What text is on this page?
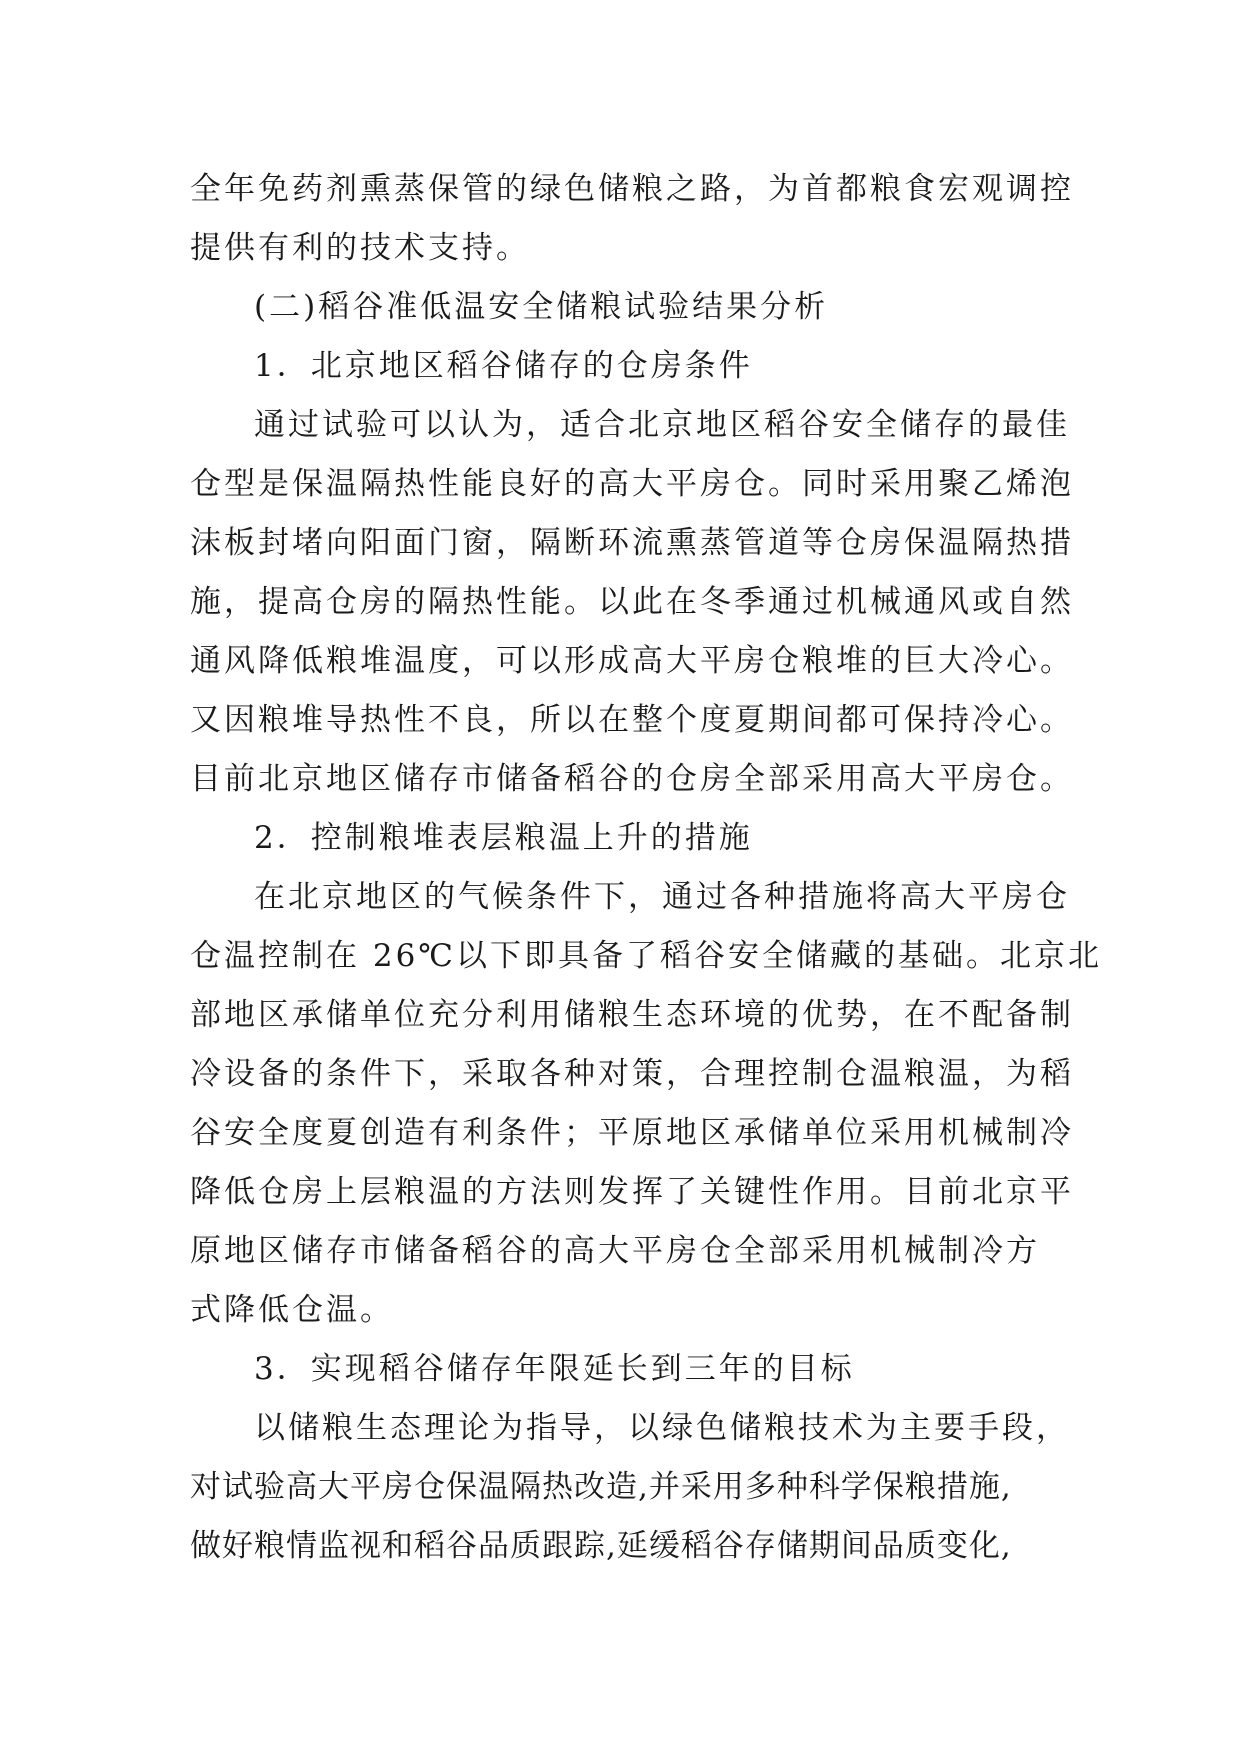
全年免药剂熏蒸保管的绿色储粮之路，为首都粮食宏观调控
提供有利的技术支持。
(二)稻谷准低温安全储粮试验结果分析
1．北京地区稻谷储存的仓房条件
通过试验可以认为，适合北京地区稻谷安全储存的最佳
仓型是保温隔热性能良好的高大平房仓。同时采用聚乙烯泡
沫板封堵向阳面门窗，隔断环流熏蒸管道等仓房保温隔热措
施，提高仓房的隔热性能。以此在冬季通过机械通风或自然
通风降低粮堆温度，可以形成高大平房仓粮堆的巨大冷心。
又因粮堆导热性不良，所以在整个度夏期间都可保持冷心。
目前北京地区储存市储备稻谷的仓房全部采用高大平房仓。
2．控制粮堆表层粮温上升的措施
在北京地区的气候条件下，通过各种措施将高大平房仓
仓温控制在 26℃以下即具备了稻谷安全储藏的基础。北京北
部地区承储单位充分利用储粮生态环境的优势，在不配备制
冷设备的条件下，采取各种对策，合理控制仓温粮温，为稻
谷安全度夏创造有利条件；平原地区承储单位采用机械制冷
降低仓房上层粮温的方法则发挥了关键性作用。目前北京平
原地区储存市储备稻谷的高大平房仓全部采用机械制冷方
式降低仓温。
3．实现稻谷储存年限延长到三年的目标
以储粮生态理论为指导，以绿色储粮技术为主要手段，
对试验高大平房仓保温隔热改造,并采用多种科学保粮措施,
做好粮情监视和稻谷品质跟踪,延缓稻谷存储期间品质变化,
